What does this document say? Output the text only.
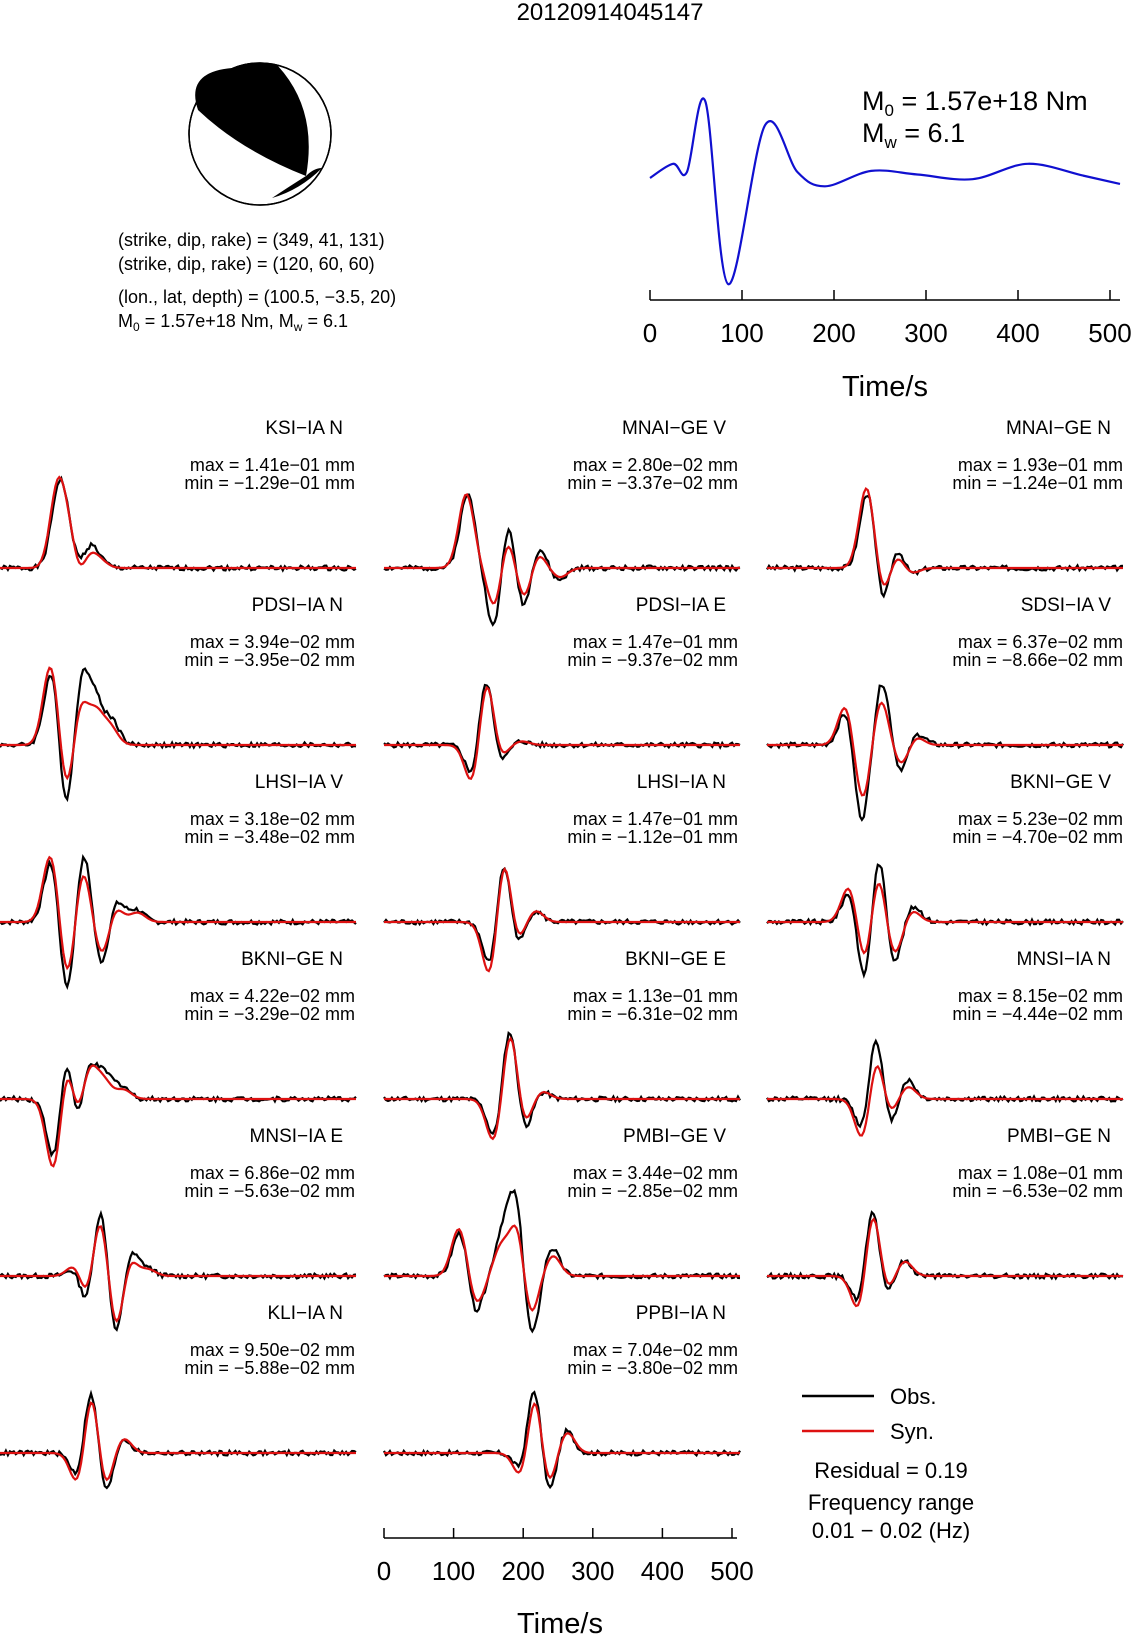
20120914045147
(strike, dip, rake) = (349, 41, 131)
(strike, dip, rake) = (120, 60, 60)
(lon., lat, depth) = (100.5, −3.5, 20)
$M_0 = 1.57e+18$ Nm, $M_w = 6.1$
$M_0 = 1.57e+18$ Nm
$M_w = 6.1$
0 100 200 300 400 500
Time/s
KSI−IA N
max = 1.41e−01 mm
min = −1.29e−01 mm
MNAI−GE V
max = 2.80e−02 mm
min = −3.37e−02 mm
MNAI−GE N
max = 1.93e−01 mm
min = −1.24e−01 mm
PDSI−IA N
max = 3.94e−02 mm
min = −3.95e−02 mm
PDSI−IA E
max = 1.47e−01 mm
min = −9.37e−02 mm
SDSI−IA V
max = 6.37e−02 mm
min = −8.66e−02 mm
LHSI−IA V
max = 3.18e−02 mm
min = −3.48e−02 mm
LHSI−IA N
max = 1.47e−01 mm
min = −1.12e−01 mm
BKNI−GE V
max = 5.23e−02 mm
min = −4.70e−02 mm
BKNI−GE N
max = 4.22e−02 mm
min = −3.29e−02 mm
BKNI−GE E
max = 1.13e−01 mm
min = −6.31e−02 mm
MNSI−IA N
max = 8.15e−02 mm
min = −4.44e−02 mm
MNSI−IA E
max = 6.86e−02 mm
min = −5.63e−02 mm
PMBI−GE V
max = 3.44e−02 mm
min = −2.85e−02 mm
PMBI−GE N
max = 1.08e−01 mm
min = −6.53e−02 mm
KLI−IA N
max = 9.50e−02 mm
min = −5.88e−02 mm
PPBI−IA N
max = 7.04e−02 mm
min = −3.80e−02 mm
Obs.
Syn.
Residual = 0.19
Frequency range
0.01 − 0.02 (Hz)
0 100 200 300 400 500
Time/s
